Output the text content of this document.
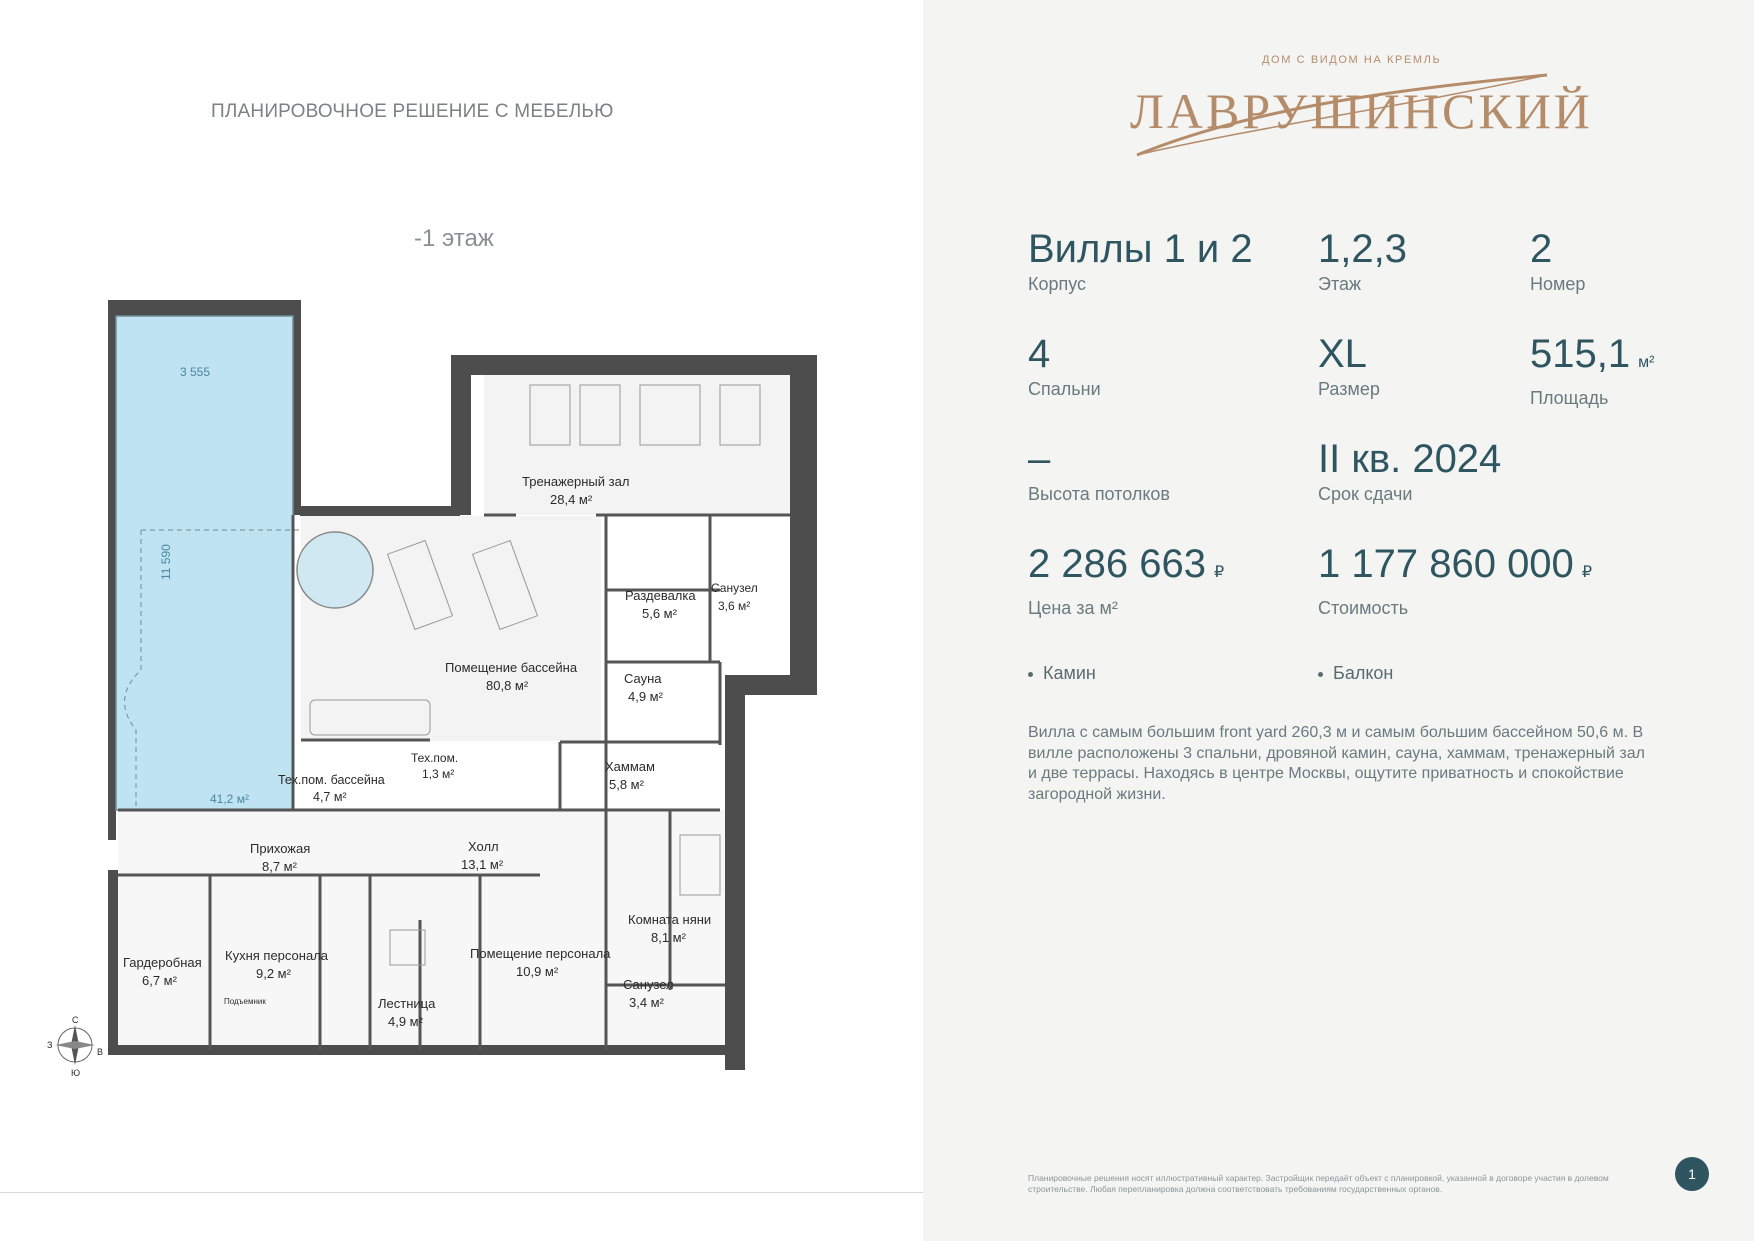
ПЛАНИРОВОЧНОЕ РЕШЕНИЕ С МЕБЕЛЬЮ
-1 этаж
3 555
11 590
41,2 м²
Тренажерный зал
28,4 м²
Раздевалка
5,6 м²
Санузел
3,6 м²
Помещение бассейна
80,8 м²	Сауна
4,9 м²
Тех.пом.
1,3 м²
Тех.пом. бассейна
4,7 м²
Хаммам
5,8 м²
Прихожая
8,7 м²
Холл
13,1 м²
Гардеробная
6,7 м²
Кухня персонала
9,2 м²
Помещение персонала
10,9 м²
Комната няни
8,1 м²
Санузел
3,4 м²
Лестница
4,9 м²
Подъемник
С
Ю
З
В
ДОМ С ВИДОМ НА КРЕМЛЬ
ЛАВРУШИНСКИЙ
Виллы 1 и 2
Корпус
1,2,3
Этаж
2
Номер
4
Спальни
XL
Размер
515,1 м²
Площадь
–
Высота потолков
II кв. 2024
Срок сдачи
2 286 663 ₽
Цена за м²
1 177 860 000 ₽
Стоимость
Камин	Балкон
Вилла с самым большим front yard 260,3 м и самым большим бассейном 50,6 м. В вилле расположены 3 спальни, дровяной камин, сауна, хаммам, тренажерный зал и две террасы. Находясь в центре Москвы, ощутите приватность и спокойствие загородной жизни.
Планировочные решения носят иллюстративный характер. Застройщик передаёт объект с планировкой, указанной в договоре участия в долевом строительстве. Любая перепланировка должна соответствовать требованиям государственных органов.
1
